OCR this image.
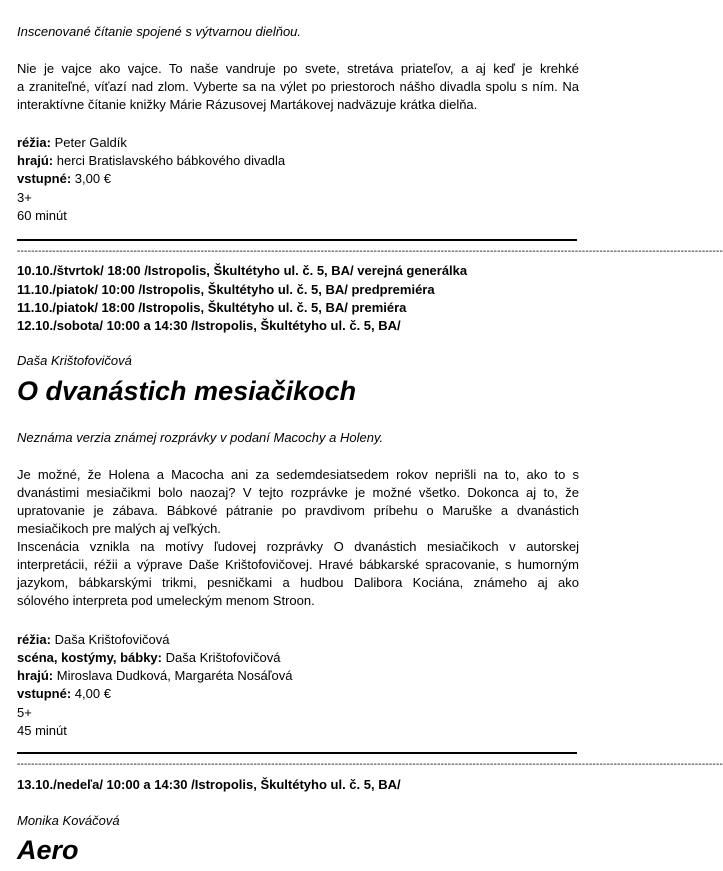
Inscenované čítanie spojené s výtvarnou dielňou.
Nie je vajce ako vajce. To naše vandruje po svete, stretáva priateľov, a aj keď je krehké
a zraniteľné, víťazí nad zlom. Vyberte sa na výlet po priestoroch nášho divadla spolu s ním. Na
interaktívne čítanie knižky Márie Rázusovej Martákovej nadväzuje krátka dielňa.
réžia: Peter Galdík
hrajú: herci Bratislavského bábkového divadla
vstupné: 3,00 €
3+
60 minút
--------------------------------------------------------------------------------------------------------------------------------------------------------------------------------------------------------
10.10./štvrtok/ 18:00 /Istropolis, Škultétyho ul. č. 5, BA/ verejná generálka
11.10./piatok/ 10:00 /Istropolis, Škultétyho ul. č. 5, BA/ predpremiéra
11.10./piatok/ 18:00 /Istropolis, Škultétyho ul. č. 5, BA/ premiéra
12.10./sobota/ 10:00 a 14:30 /Istropolis, Škultétyho ul. č. 5, BA/
Daša Krištofovičová
O dvanástich mesiačikoch
Neznáma verzia známej rozprávky v podaní Macochy a Holeny.
Je možné, že Holena a Macocha ani za sedemdesiatsedem rokov neprišli na to, ako to s
dvanástimi mesiačikmi bolo naozaj? V tejto rozprávke je možné všetko. Dokonca aj to, že
upratovanie je zábava. Bábkové pátranie po pravdivom príbehu o Maruške a dvanástich
mesiačikoch pre malých aj veľkých.
Inscenácia vznikla na motívy ľudovej rozprávky O dvanástich mesiačikoch v autorskej
interpretácii, réžii a výprave Daše Krištofovičovej. Hravé bábkarské spracovanie, s humorným
jazykom, bábkarskými trikmi, pesničkami a hudbou Dalibora Kociána, známeho aj ako
sólového interpreta pod umeleckým menom Stroon.
réžia: Daša Krištofovičová
scéna, kostýmy, bábky: Daša Krištofovičová
hrajú: Miroslava Dudková, Margaréta Nosáľová
vstupné: 4,00 €
5+
45 minút
--------------------------------------------------------------------------------------------------------------------------------------------------------------------------------------------------------
13.10./nedeľa/ 10:00 a 14:30 /Istropolis, Škultétyho ul. č. 5, BA/
Monika Kováčová
Aero
